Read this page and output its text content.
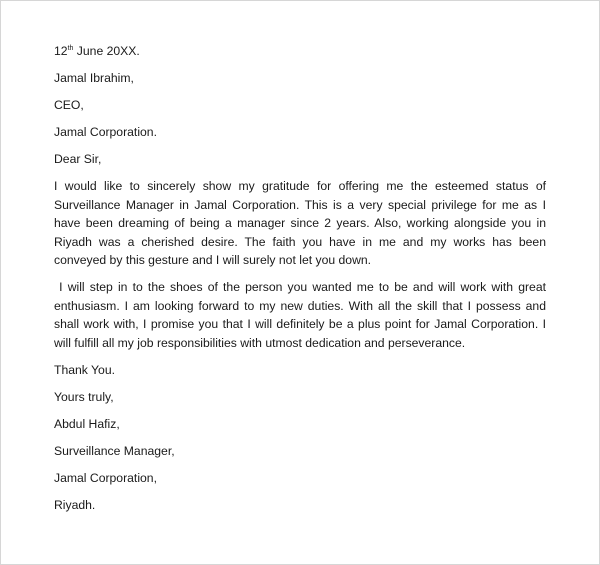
12th June 20XX.
Jamal Ibrahim,
CEO,
Jamal Corporation.
Dear Sir,
I would like to sincerely show my gratitude for offering me the esteemed status of Surveillance Manager in Jamal Corporation. This is a very special privilege for me as I have been dreaming of being a manager since 2 years. Also, working alongside you in Riyadh was a cherished desire. The faith you have in me and my works has been conveyed by this gesture and I will surely not let you down.
I will step in to the shoes of the person you wanted me to be and will work with great enthusiasm. I am looking forward to my new duties. With all the skill that I possess and shall work with, I promise you that I will definitely be a plus point for Jamal Corporation. I will fulfill all my job responsibilities with utmost dedication and perseverance.
Thank You.
Yours truly,
Abdul Hafiz,
Surveillance Manager,
Jamal Corporation,
Riyadh.
